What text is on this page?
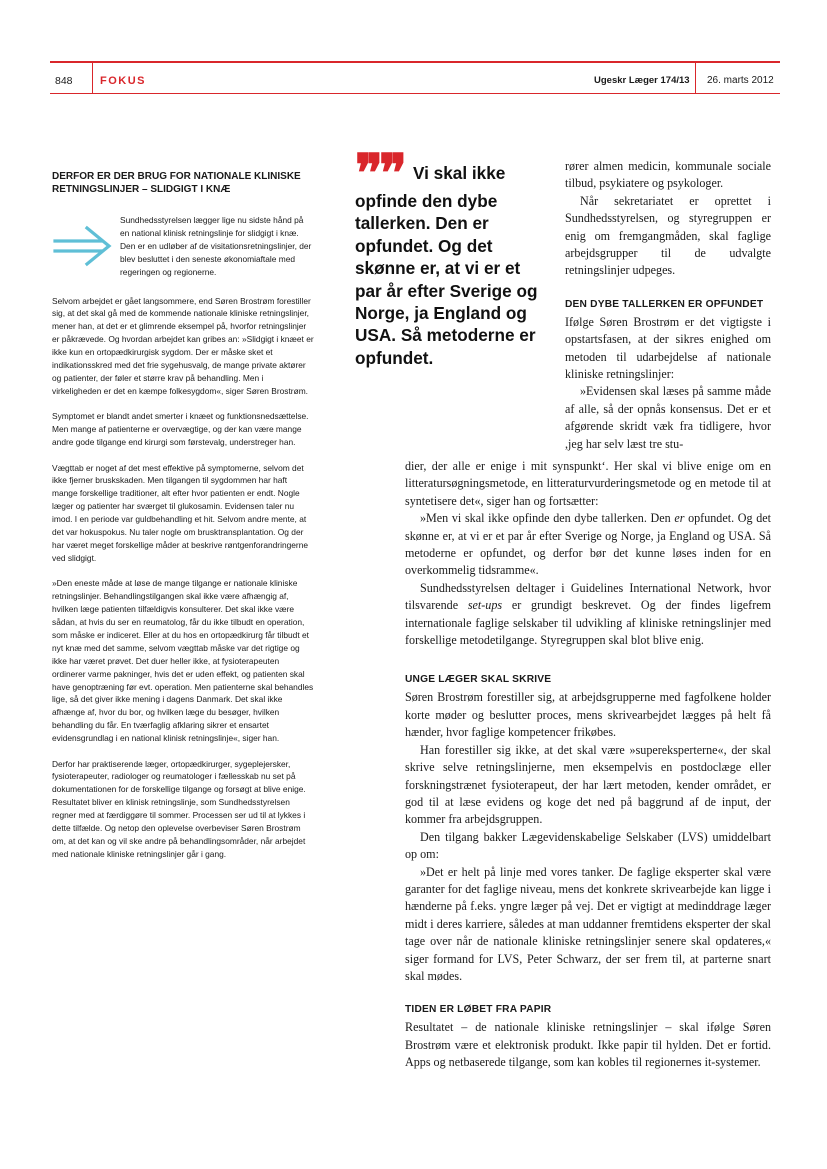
848 FOKUS	Ugeskr Læger 174/13 26. marts 2012
DERFOR ER DER BRUG FOR NATIONALE KLINISKE RETNINGSLINJER – SLIDGIGT I KNÆ

Sundhedsstyrelsen lægger lige nu sidste hånd på en national klinisk retningslinje for slidgigt i knæ. Den er en udløber af de visitationsretningslinjer, der blev besluttet i den seneste økonomiaftale med regeringen og regionerne.

Selvom arbejdet er gået langsommere, end Søren Brostrøm forestiller sig, at det skal gå med de kommende nationale kliniske retningslinjer, mener han, at det er et glimrende eksempel på, hvorfor retningslinjer er påkrævede. Og hvordan arbejdet kan gribes an: »Slidgigt i knæet er ikke kun en ortopædkirurgisk sygdom. Der er måske sket et indikationsskred med det frie sygehusvalg, de mange private aktører og patienter, der føler et større krav på behandling. Men i virkeligheden er det en kæmpe folkesygdom«, siger Søren Brostrøm.

Symptomet er blandt andet smerter i knæet og funktionsnedsættelse. Men mange af patienterne er overvægtige, og der kan være mange andre gode tilgange end kirurgi som førstevalg, understreger han.

Vægttab er noget af det mest effektive på symptomerne, selvom det ikke fjerner bruskskaden. Men tilgangen til sygdommen har haft mange forskellige traditioner, alt efter hvor patienten er endt. Nogle læger og patienter har sværget til glukosamin. Evidensen taler nu imod. I en periode var guldbehandling et hit. Selvom andre mente, at det var hokuspokus. Nu taler nogle om brusktransplantation. Og der har været meget forskellige måder at beskrive røntgenforandringerne ved slidgigt.

»Den eneste måde at løse de mange tilgange er nationale kliniske retningslinjer. Behandlingstilgangen skal ikke være afhængig af, hvilken læge patienten tilfældigvis konsulterer. Det skal ikke være sådan, at hvis du ser en reumatolog, får du ikke tilbudt en operation, som måske er indiceret. Eller at du hos en ortopædkirurg får tilbudt et nyt knæ med det samme, selvom vægttab måske var det rigtige og ikke har været prøvet. Det duer heller ikke, at fysioterapeuten ordinerer varme pakninger, hvis det er uden effekt, og patienten skal have genoptræning før evt. operation. Men patienterne skal behandles lige, så det giver ikke mening i dagens Danmark. Det skal ikke afhænge af, hvor du bor, og hvilken læge du besøger, hvilken behandling du får. En tværfaglig afklaring sikrer et ensartet evidensgrundlag i en national klinisk retningslinje«, siger han.

Derfor har praktiserende læger, ortopædkirurger, sygeplejersker, fysioterapeuter, radiologer og reumatologer i fællesskab nu set på dokumentationen for de forskellige tilgange og forsøgt at blive enige. Resultatet bliver en klinisk retningslinje, som Sundhedsstyrelsen regner med at færdiggøre til sommer. Processen ser ud til at lykkes i dette tilfælde. Og netop den oplevelse overbeviser Søren Brostrøm om, at det kan og vil ske andre på behandlingsområder, når arbejdet med nationale kliniske retningslinjer går i gang.

❞❞ Vi skal ikke opfinde den dybe tallerken. Den er opfundet. Og det skønne er, at vi er et par år efter Sverige og Norge, ja England og USA. Så metoderne er opfundet.

rører almen medicin, kommunale sociale tilbud, psykiatere og psykologer.

Når sekretariatet er oprettet i Sundhedsstyrelsen, og styregruppen er enig om fremgangmåden, skal faglige arbejdsgrupper til de udvalgte retningslinjer udpeges.

DEN DYBE TALLERKEN ER OPFUNDET

Ifølge Søren Brostrøm er det vigtigste i opstartsfasen, at der sikres enighed om metoden til udarbejdelse af nationale kliniske retningslinjer:

»Evidensen skal læses på samme måde af alle, så der opnås konsensus. Det er et afgørende skridt væk fra tidligere, hvor ,jeg har selv læst tre stu-

dier, der alle er enige i mit synspunkt‘. Her skal vi blive enige om en litteratursøgningsmetode, en litteraturvurderingsmetode og en metode til at syntetisere det«, siger han og fortsætter:

»Men vi skal ikke opfinde den dybe tallerken. Den er opfundet. Og det skønne er, at vi er et par år efter Sverige og Norge, ja England og USA. Så metoderne er opfundet, og derfor bør det kunne løses inden for en overkommelig tidsramme«.

Sundhedsstyrelsen deltager i Guidelines International Network, hvor tilsvarende set-ups er grundigt beskrevet. Og der findes ligefrem internationale faglige selskaber til udvikling af kliniske retningslinjer med forskellige metodetilgange. Styregruppen skal blot blive enig.

UNGE LÆGER SKAL SKRIVE

Søren Brostrøm forestiller sig, at arbejdsgrupperne med fagfolkene holder korte møder og beslutter proces, mens skrivearbejdet lægges på helt få hænder, hvor faglige kompetencer frikøbes.

Han forestiller sig ikke, at det skal være »supereksperterne«, der skal skrive selve retningslinjerne, men eksempelvis en postdoclæge eller forskningstrænet fysioterapeut, der har lært metoden, kender området, er god til at læse evidens og koge det ned på baggrund af de input, der kommer fra arbejdsgruppen.

Den tilgang bakker Lægevidenskabelige Selskaber (LVS) umiddelbart op om:

»Det er helt på linje med vores tanker. De faglige eksperter skal være garanter for det faglige niveau, mens det konkrete skrivearbejde kan ligge i hænderne på f.eks. yngre læger på vej. Det er vigtigt at medinddrage læger midt i deres karriere, således at man uddanner fremtidens eksperter der skal tage over når de nationale kliniske retningslinjer senere skal opdateres,« siger formand for LVS, Peter Schwarz, der ser frem til, at parterne snart skal mødes.

TIDEN ER LØBET FRA PAPIR

Resultatet – de nationale kliniske retningslinjer – skal ifølge Søren Brostrøm være et elektronisk produkt. Ikke papir til hylden. Det er fortid. Apps og netbaserede tilgange, som kan kobles til regionernes it-systemer.
